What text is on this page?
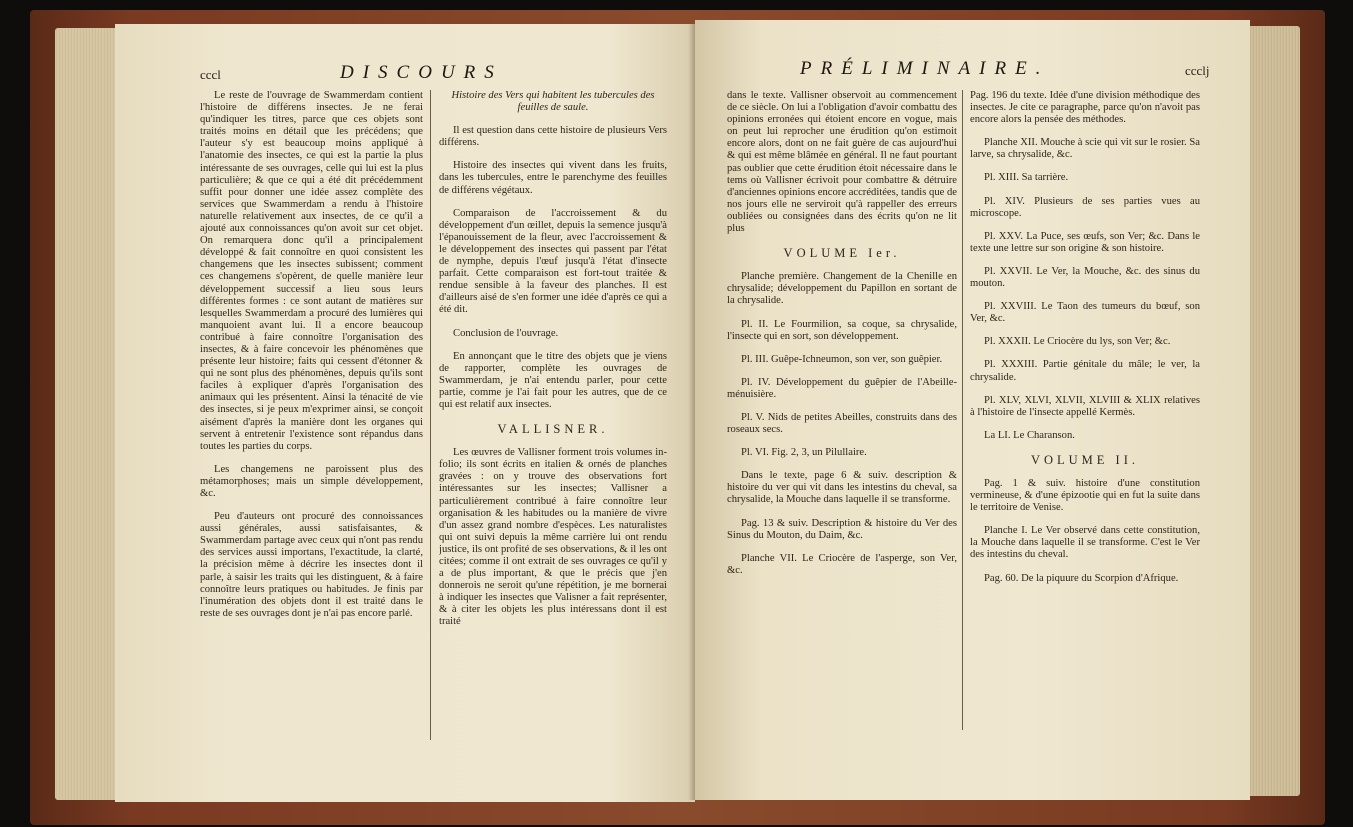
cccl	DISCOURS

Le reste de l'ouvrage de Swammerdam contient l'histoire de différens insectes. Je ne ferai qu'indiquer les titres, parce que ces objets sont traités moins en détail que les précédens; que l'auteur s'y est beaucoup moins appliqué à l'anatomie des insectes, ce qui est la partie la plus intéressante de ses ouvrages, celle qui lui est la plus particulière; & que ce qui a été dit précédemment suffit pour donner une idée assez complète des services que Swammerdam a rendu à l'histoire naturelle relativement aux insectes, de ce qu'il a ajouté aux connoissances qu'on avoit sur cet objet. On remarquera donc qu'il a principalement développé & fait connoître en quoi consistent les changemens que les insectes subissent; comment ces changemens s'opèrent, de quelle manière leur développement successif a lieu sous leurs différentes formes : ce sont autant de matières sur lesquelles Swammerdam a procuré des lumières qui manquoient avant lui. Il a encore beaucoup contribué à faire connoître l'organisation des insectes, & à faire concevoir les phénomènes que présente leur histoire; faits qui cessent d'étonner & qui ne sont plus des phénomènes, depuis qu'ils sont faciles à expliquer d'après l'organisation des animaux qui les présentent. Ainsi la ténacité de vie des insectes, si je peux m'exprimer ainsi, se conçoit aisément d'après la manière dont les organes qui servent à entretenir l'existence sont répandus dans toutes les parties du corps.

Les changemens ne paroissent plus des métamorphoses; mais un simple développement, &c.

Peu d'auteurs ont procuré des connoissances aussi générales, aussi satisfaisantes, & Swammerdam partage avec ceux qui n'ont pas rendu des services aussi importans, l'exactitude, la clarté, la précision même à décrire les insectes dont il parle, à saisir les traits qui les distinguent, & à faire connoître leurs pratiques ou habitudes. Je finis par l'inumération des objets dont il est traité dans le reste de ses ouvrages dont je n'ai pas encore parlé.

Histoire des Vers qui habitent les tubercules des feuilles de saule.

Il est question dans cette histoire de plusieurs Vers différens.

Histoire des insectes qui vivent dans les fruits, dans les tubercules, entre le parenchyme des feuilles de différens végétaux.

Comparaison de l'accroissement & du développement d'un œillet, depuis la semence jusqu'à l'épanouissement de la fleur, avec l'accroissement & le développement des insectes qui passent par l'état de nymphe, depuis l'œuf jusqu'à l'état d'insecte parfait. Cette comparaison est fort-tout traitée & rendue sensible à la faveur des planches. Il est d'ailleurs aisé de s'en former une idée d'après ce qui a été dit.

Conclusion de l'ouvrage.

En annonçant que le titre des objets que je viens de rapporter, complète les ouvrages de Swammerdam, je n'ai entendu parler, pour cette partie, comme je l'ai fait pour les autres, que de ce qui est relatif aux insectes.

VALLISNER.

Les œuvres de Vallisner forment trois volumes in-folio; ils sont écrits en italien & ornés de planches gravées : on y trouve des observations fort intéressantes sur les insectes; Vallisner a particulièrement contribué à faire connoître leur organisation & les habitudes ou la manière de vivre d'un assez grand nombre d'espèces. Les naturalistes qui ont suivi depuis la même carrière lui ont rendu justice, ils ont profité de ses observations, & il les ont citées; comme il ont extrait de ses ouvrages ce qu'il y a de plus important, & que le précis que j'en donnerois ne seroit qu'une répétition, je me bornerai à indiquer les insectes que Valisner a fait représenter, & à citer les objets les plus intéressans dont il est traité

PRÉLIMINAIRE.	ccclj

dans le texte. Vallisner observoit au commencement de ce siècle. On lui a l'obligation d'avoir combattu des opinions erronées qui étoient encore en vogue, mais on peut lui reprocher une érudition qu'on estimoit encore alors, dont on ne fait guère de cas aujourd'hui & qui est même blâmée en général. Il ne faut pourtant pas oublier que cette érudition étoit nécessaire dans le tems où Vallisner écrivoit pour combattre & détruire d'anciennes opinions encore accréditées, tandis que de nos jours elle ne serviroit qu'à rappeller des erreurs oubliées ou consignées dans des écrits qu'on ne lit plus

VOLUME Ier.

Planche première. Changement de la Chenille en chrysalide; développement du Papillon en sortant de la chrysalide.

Pl. II. Le Fourmilion, sa coque, sa chrysalide, l'insecte qui en sort, son développement.

Pl. III. Guêpe-Ichneumon, son ver, son guêpier.

Pl. IV. Développement du guêpier de l'Abeille-ménuisière.

Pl. V. Nids de petites Abeilles, construits dans des roseaux secs.

Pl. VI. Fig. 2, 3, un Pilullaire.

Dans le texte, page 6 & suiv. description & histoire du ver qui vit dans les intestins du cheval, sa chrysalide, la Mouche dans laquelle il se transforme.

Pag. 13 & suiv. Description & histoire du Ver des Sinus du Mouton, du Daim, &c.

Planche VII. Le Criocère de l'asperge, son Ver, &c.

Pag. 196 du texte. Idée d'une division méthodique des insectes. Je cite ce paragraphe, parce qu'on n'avoit pas encore alors la pensée des méthodes.

Planche XII. Mouche à scie qui vit sur le rosier. Sa larve, sa chrysalide, &c.

Pl. XIII. Sa tarrière.

Pl. XIV. Plusieurs de ses parties vues au microscope.

Pl. XXV. La Puce, ses œufs, son Ver; &c. Dans le texte une lettre sur son origine & son histoire.

Pl. XXVII. Le Ver, la Mouche, &c. des sinus du mouton.

Pl. XXVIII. Le Taon des tumeurs du bœuf, son Ver, &c.

Pl. XXXII. Le Criocère du lys, son Ver; &c.

Pl. XXXIII. Partie génitale du mâle; le ver, la chrysalide.

Pl. XLV, XLVI, XLVII, XLVIII & XLIX relatives à l'histoire de l'insecte appellé Kermès.

La LI. Le Charanson.

VOLUME II.

Pag. 1 & suiv. histoire d'une constitution vermineuse, & d'une épizootie qui en fut la suite dans le territoire de Venise.

Planche I. Le Ver observé dans cette constitution, la Mouche dans laquelle il se transforme. C'est le Ver des intestins du cheval.

Pag. 60. De la piquure du Scorpion d'Afrique.
